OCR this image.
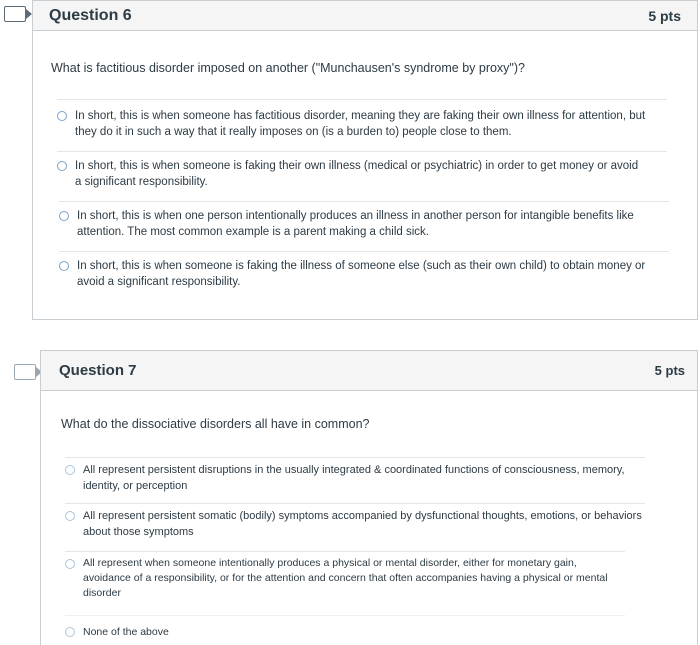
Question 6	5 pts
What is factitious disorder imposed on another ("Munchausen's syndrome by proxy")?
In short, this is when someone has factitious disorder, meaning they are faking their own illness for attention, but they do it in such a way that it really imposes on (is a burden to) people close to them.
In short, this is when someone is faking their own illness (medical or psychiatric) in order to get money or avoid a significant responsibility.
In short, this is when one person intentionally produces an illness in another person for intangible benefits like attention. The most common example is a parent making a child sick.
In short, this is when someone is faking the illness of someone else (such as their own child) to obtain money or avoid a significant responsibility.
Question 7	5 pts
What do the dissociative disorders all have in common?
All represent persistent disruptions in the usually integrated & coordinated functions of consciousness, memory, identity, or perception
All represent persistent somatic (bodily) symptoms accompanied by dysfunctional thoughts, emotions, or behaviors about those symptoms
All represent when someone intentionally produces a physical or mental disorder, either for monetary gain, avoidance of a responsibility, or for the attention and concern that often accompanies having a physical or mental disorder
None of the above
